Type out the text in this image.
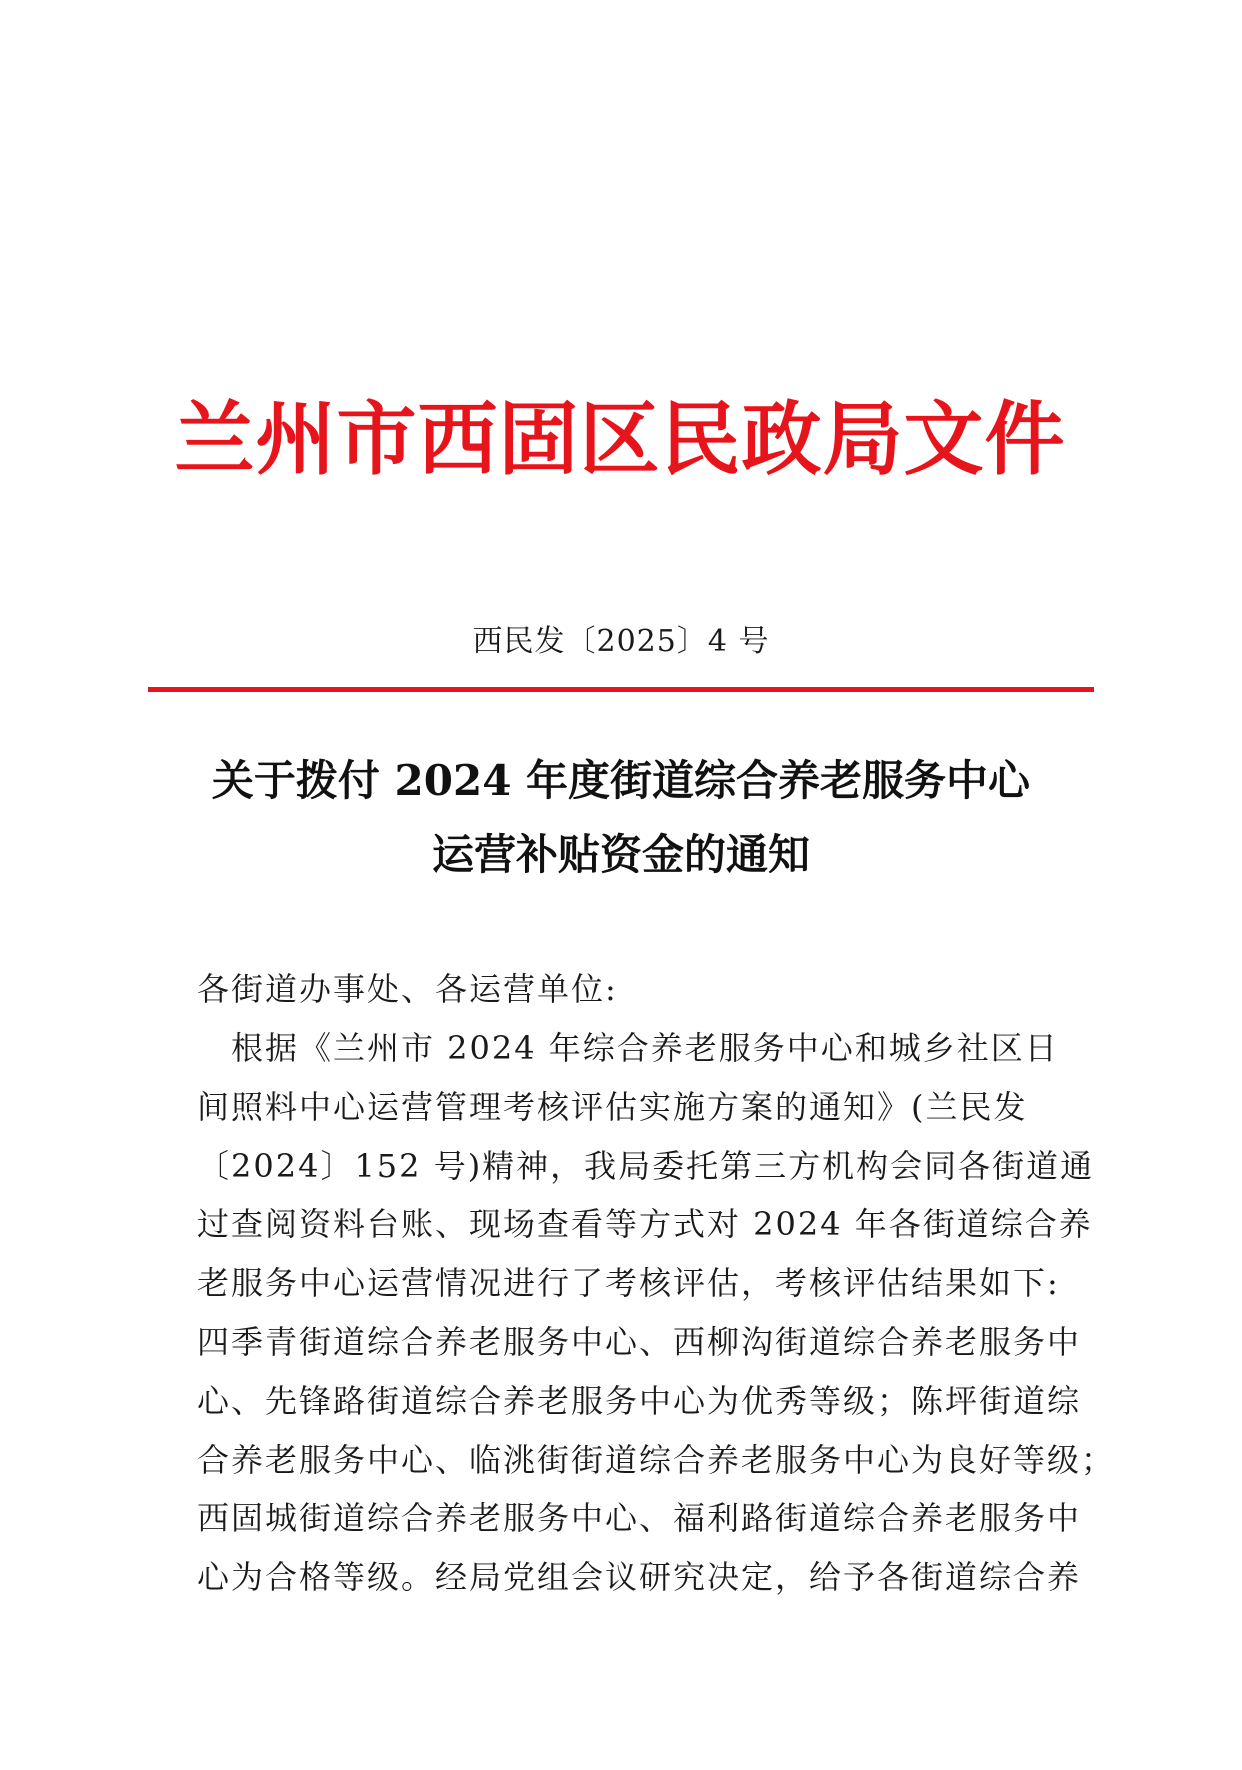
兰州市西固区民政局文件
西民发〔2025〕4 号
关于拨付 2024 年度街道综合养老服务中心
运营补贴资金的通知
各街道办事处、各运营单位:
　根据《兰州市 2024 年综合养老服务中心和城乡社区日
间照料中心运营管理考核评估实施方案的通知》(兰民发
〔2024〕152 号)精神，我局委托第三方机构会同各街道通
过查阅资料台账、现场查看等方式对 2024 年各街道综合养
老服务中心运营情况进行了考核评估，考核评估结果如下:
四季青街道综合养老服务中心、西柳沟街道综合养老服务中
心、先锋路街道综合养老服务中心为优秀等级；陈坪街道综
合养老服务中心、临洮街街道综合养老服务中心为良好等级；
西固城街道综合养老服务中心、福利路街道综合养老服务中
心为合格等级。经局党组会议研究决定，给予各街道综合养
